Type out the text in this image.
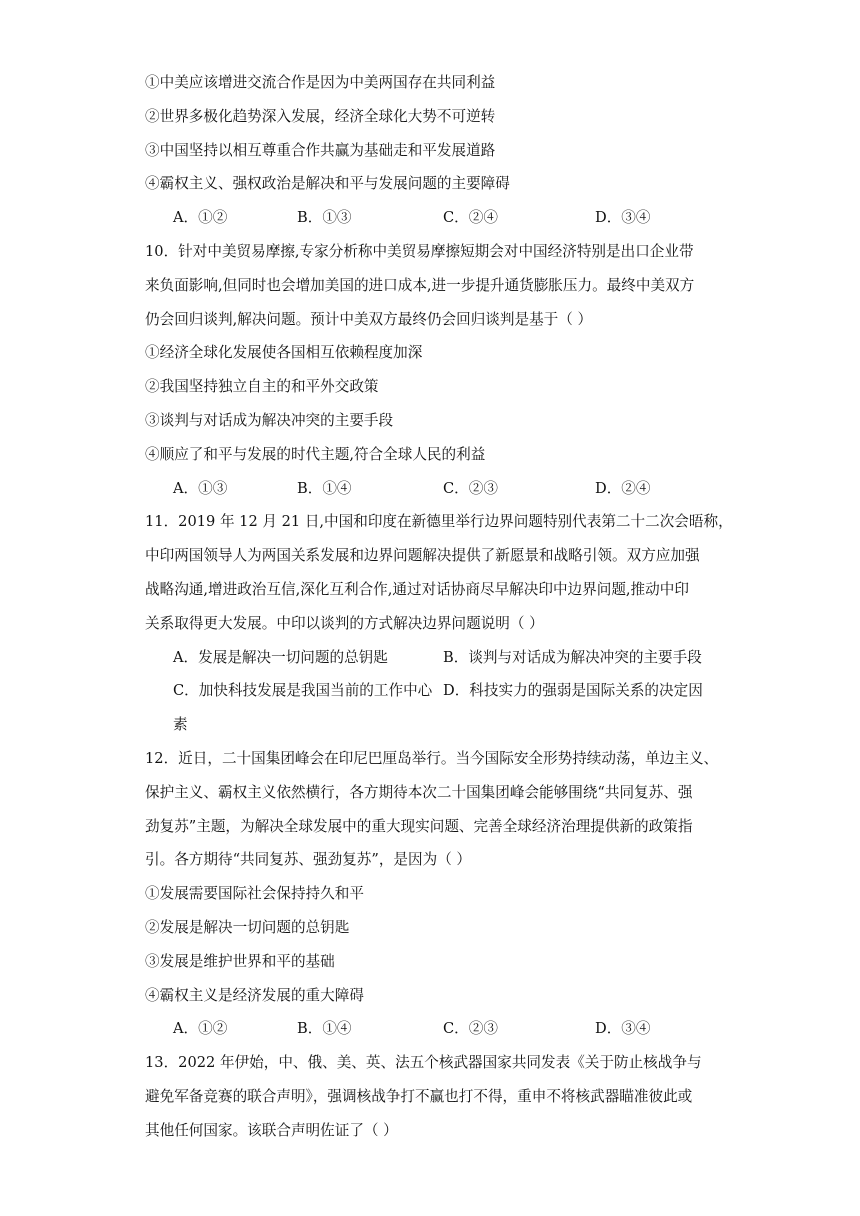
①中美应该增进交流合作是因为中美两国存在共同利益
②世界多极化趋势深入发展，经济全球化大势不可逆转
③中国坚持以相互尊重合作共赢为基础走和平发展道路
④霸权主义、强权政治是解决和平与发展问题的主要障碍
A．①②	B．①③	C．②④	D．③④
10．针对中美贸易摩擦,专家分析称中美贸易摩擦短期会对中国经济特别是出口企业带
来负面影响,但同时也会增加美国的进口成本,进一步提升通货膨胀压力。最终中美双方
仍会回归谈判,解决问题。预计中美双方最终仍会回归谈判是基于（ ）
①经济全球化发展使各国相互依赖程度加深
②我国坚持独立自主的和平外交政策
③谈判与对话成为解决冲突的主要手段
④顺应了和平与发展的时代主题,符合全球人民的利益
A．①③	B．①④	C．②③	D．②④
11．2019 年 12 月 21 日,中国和印度在新德里举行边界问题特别代表第二十二次会晤称，
中印两国领导人为两国关系发展和边界问题解决提供了新愿景和战略引领。双方应加强
战略沟通,增进政治互信,深化互利合作,通过对话协商尽早解决印中边界问题,推动中印
关系取得更大发展。中印以谈判的方式解决边界问题说明（ ）
A．发展是解决一切问题的总钥匙	B．谈判与对话成为解决冲突的主要手段
C．加快科技发展是我国当前的工作中心 D．科技实力的强弱是国际关系的决定因
素
12．近日，二十国集团峰会在印尼巴厘岛举行。当今国际安全形势持续动荡，单边主义、
保护主义、霸权主义依然横行，各方期待本次二十国集团峰会能够围绕“共同复苏、强
劲复苏”主题，为解决全球发展中的重大现实问题、完善全球经济治理提供新的政策指
引。各方期待“共同复苏、强劲复苏”，是因为（ ）
①发展需要国际社会保持持久和平
②发展是解决一切问题的总钥匙
③发展是维护世界和平的基础
④霸权主义是经济发展的重大障碍
A．①②	B．①④	C．②③	D．③④
13．2022 年伊始，中、俄、美、英、法五个核武器国家共同发表《关于防止核战争与
避免军备竞赛的联合声明》，强调核战争打不赢也打不得，重申不将核武器瞄准彼此或
其他任何国家。该联合声明佐证了（ ）
